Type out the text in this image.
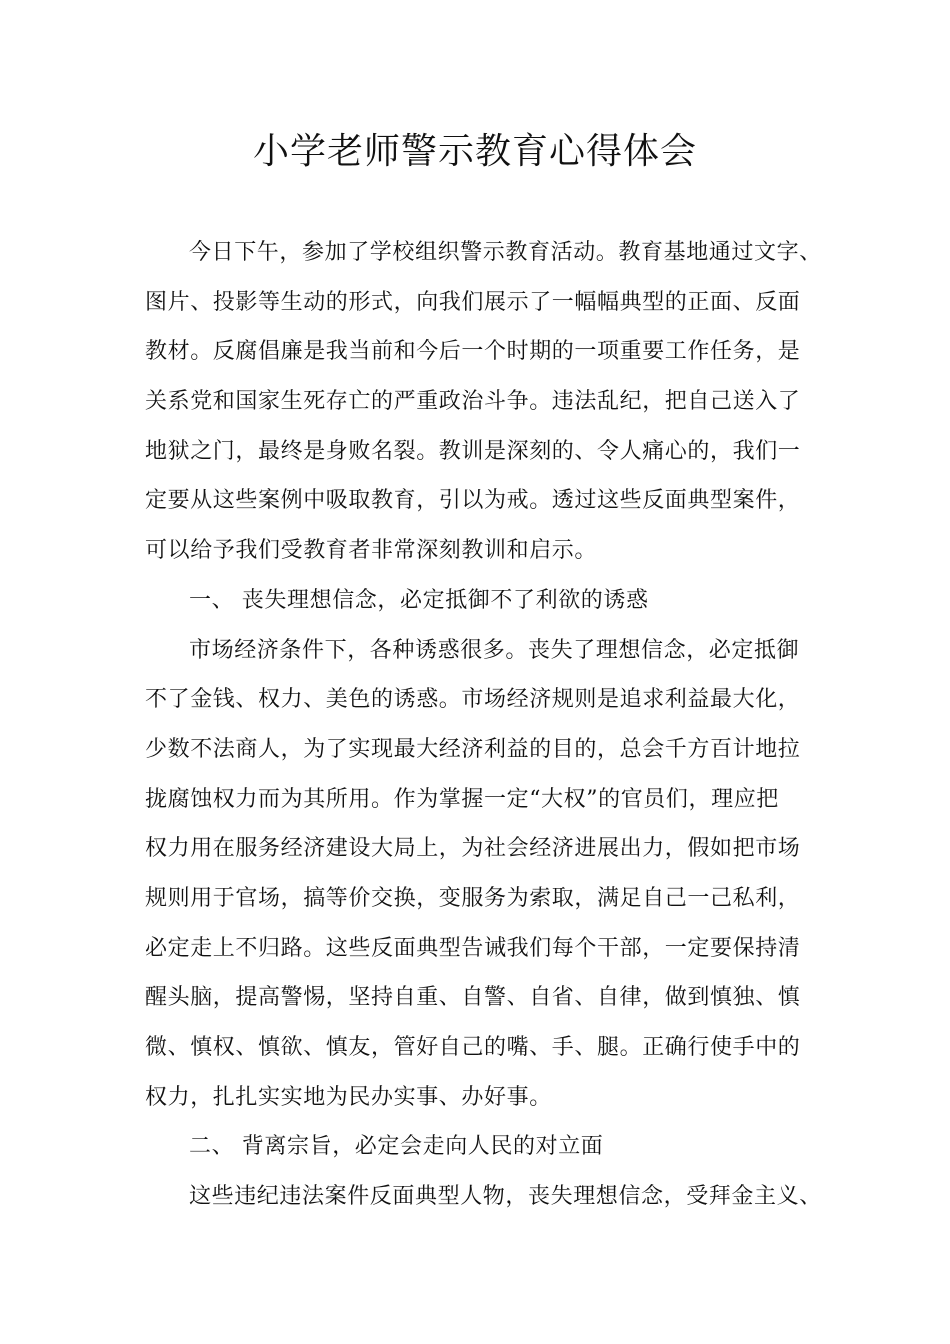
小学老师警示教育心得体会
今日下午，参加了学校组织警示教育活动。教育基地通过文字、
图片、投影等生动的形式，向我们展示了一幅幅典型的正面、反面
教材。反腐倡廉是我当前和今后一个时期的一项重要工作任务，是
关系党和国家生死存亡的严重政治斗争。违法乱纪，把自己送入了
地狱之门，最终是身败名裂。教训是深刻的、令人痛心的，我们一
定要从这些案例中吸取教育，引以为戒。透过这些反面典型案件，
可以给予我们受教育者非常深刻教训和启示。
一、 丧失理想信念，必定抵御不了利欲的诱惑
市场经济条件下，各种诱惑很多。丧失了理想信念，必定抵御
不了金钱、权力、美色的诱惑。市场经济规则是追求利益最大化，
少数不法商人，为了实现最大经济利益的目的，总会千方百计地拉
拢腐蚀权力而为其所用。作为掌握一定“大权”的官员们，理应把
权力用在服务经济建设大局上，为社会经济进展出力，假如把市场
规则用于官场，搞等价交换，变服务为索取，满足自己一己私利，
必定走上不归路。这些反面典型告诫我们每个干部，一定要保持清
醒头脑，提高警惕，坚持自重、自警、自省、自律，做到慎独、慎
微、慎权、慎欲、慎友，管好自己的嘴、手、腿。正确行使手中的
权力，扎扎实实地为民办实事、办好事。
二、 背离宗旨，必定会走向人民的对立面
这些违纪违法案件反面典型人物，丧失理想信念，受拜金主义、
